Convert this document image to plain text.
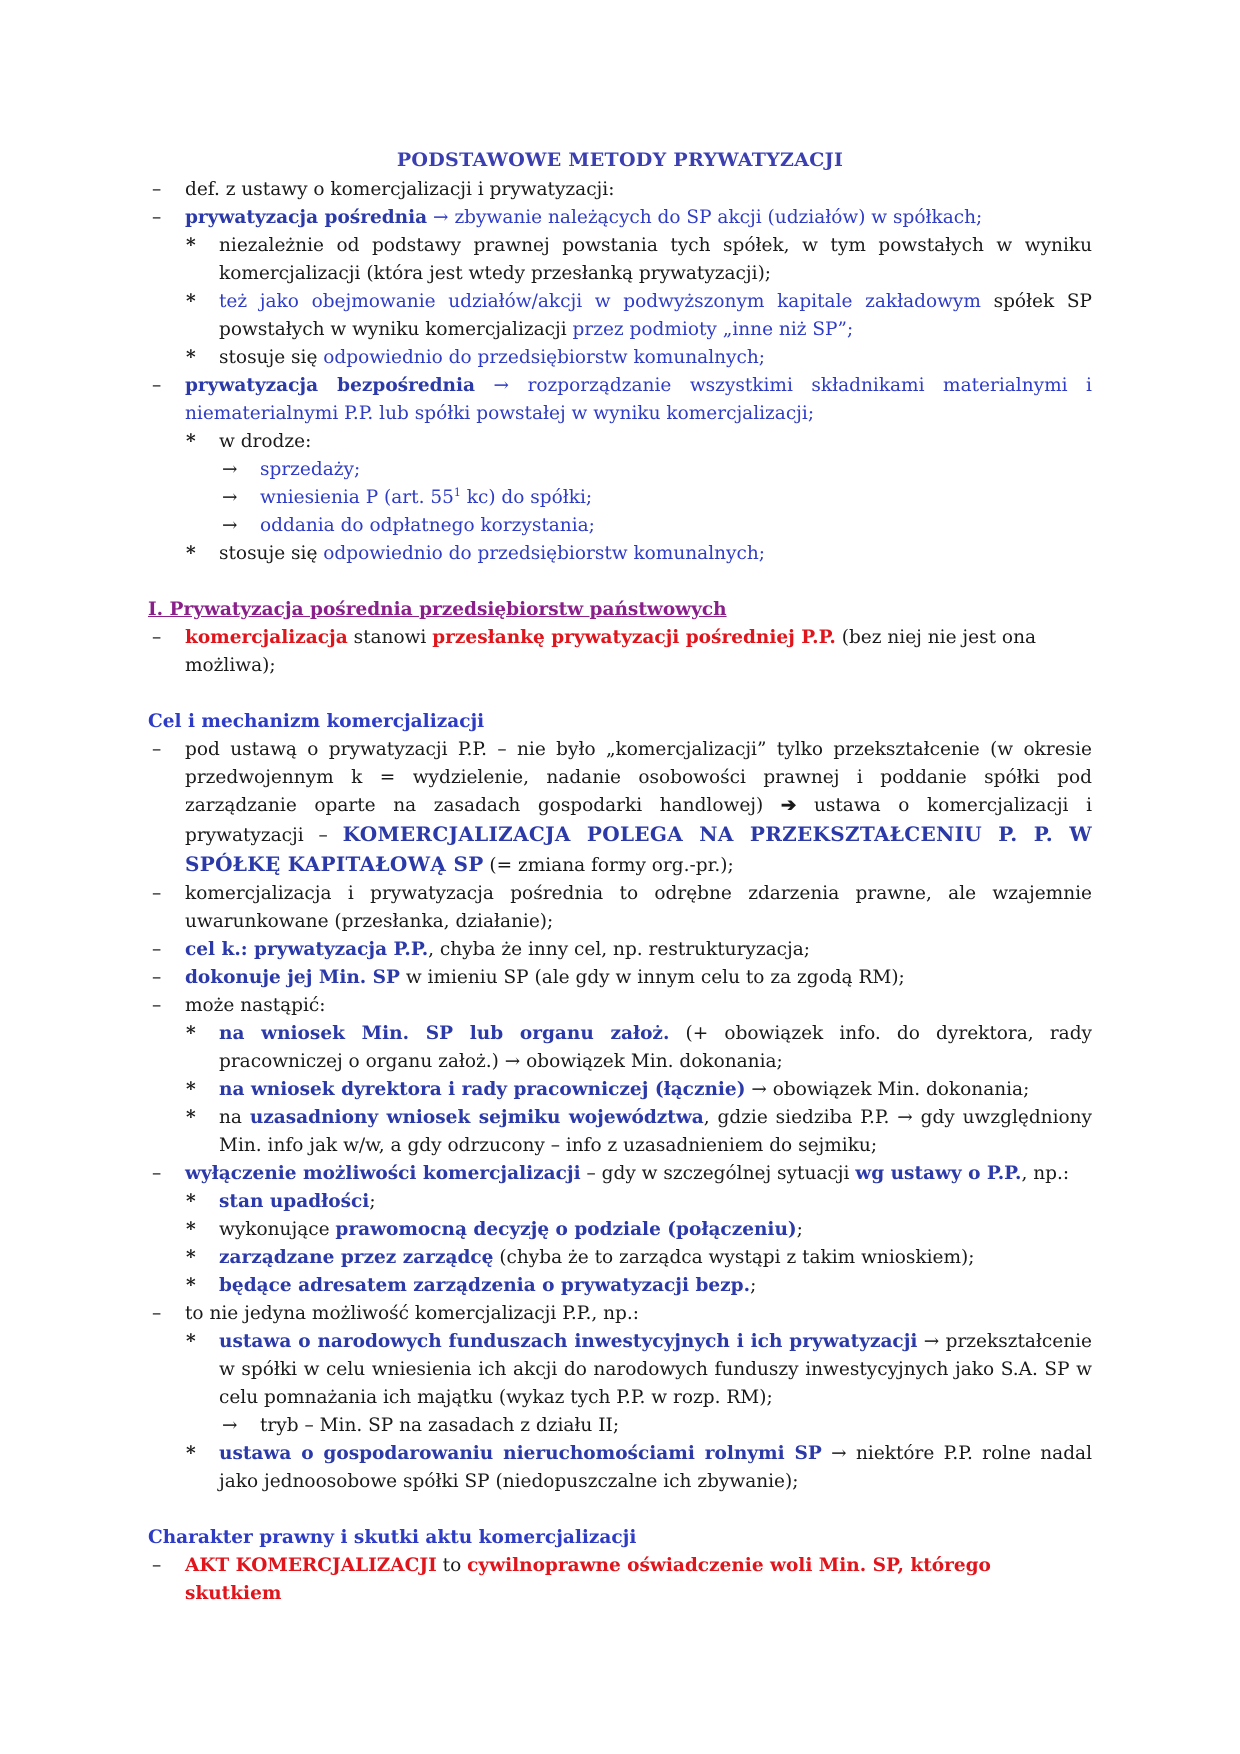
PODSTAWOWE METODY PRYWATYZACJI
– def. z ustawy o komercjalizacji i prywatyzacji:
– prywatyzacja pośrednia → zbywanie należących do SP akcji (udziałów) w spółkach;
* niezależnie od podstawy prawnej powstania tych spółek, w tym powstałych w wyniku komercjalizacji (która jest wtedy przesłanką prywatyzacji);
* też jako obejmowanie udziałów/akcji w podwyższonym kapitale zakładowym spółek SP powstałych w wyniku komercjalizacji przez podmioty „inne niż SP”;
* stosuje się odpowiednio do przedsiębiorstw komunalnych;
– prywatyzacja bezpośrednia → rozporządzanie wszystkimi składnikami materialnymi i niematerialnymi P.P. lub spółki powstałej w wyniku komercjalizacji;
* w drodze:
→ sprzedaży;
→ wniesienia P (art. $55^1$ kc) do spółki;
→ oddania do odpłatnego korzystania;
* stosuje się odpowiednio do przedsiębiorstw komunalnych;
I. Prywatyzacja pośrednia przedsiębiorstw państwowych
– komercjalizacja stanowi przesłankę prywatyzacji pośredniej P.P. (bez niej nie jest ona możliwa);
Cel i mechanizm komercjalizacji
– pod ustawą o prywatyzacji P.P. – nie było „komercjalizacji” tylko przekształcenie (w okresie przedwojennym k = wydzielenie, nadanie osobowości prawnej i poddanie spółki pod zarządzanie oparte na zasadach gospodarki handlowej) ➔ ustawa o komercjalizacji i prywatyzacji – KOMERCJALIZACJA POLEGA NA PRZEKSZTAŁCENIU P. P. W SPÓŁKĘ KAPITAŁOWĄ SP (= zmiana formy org.-pr.);
– komercjalizacja i prywatyzacja pośrednia to odrębne zdarzenia prawne, ale wzajemnie uwarunkowane (przesłanka, działanie);
– cel k.: prywatyzacja P.P., chyba że inny cel, np. restrukturyzacja;
– dokonuje jej Min. SP w imieniu SP (ale gdy w innym celu to za zgodą RM);
– może nastąpić:
* na wniosek Min. SP lub organu założ. (+ obowiązek info. do dyrektora, rady pracowniczej o organu założ.) → obowiązek Min. dokonania;
* na wniosek dyrektora i rady pracowniczej (łącznie) → obowiązek Min. dokonania;
* na uzasadniony wniosek sejmiku województwa, gdzie siedziba P.P. → gdy uwzględniony Min. info jak w/w, a gdy odrzucony – info z uzasadnieniem do sejmiku;
– wyłączenie możliwości komercjalizacji – gdy w szczególnej sytuacji wg ustawy o P.P., np.:
* stan upadłości;
* wykonujące prawomocną decyzję o podziale (połączeniu);
* zarządzane przez zarządcę (chyba że to zarządca wystąpi z takim wnioskiem);
* będące adresatem zarządzenia o prywatyzacji bezp.;
– to nie jedyna możliwość komercjalizacji P.P., np.:
* ustawa o narodowych funduszach inwestycyjnych i ich prywatyzacji → przekształcenie w spółki w celu wniesienia ich akcji do narodowych funduszy inwestycyjnych jako S.A. SP w celu pomnażania ich majątku (wykaz tych P.P. w rozp. RM);
→ tryb – Min. SP na zasadach z działu II;
* ustawa o gospodarowaniu nieruchomościami rolnymi SP → niektóre P.P. rolne nadal jako jednoosobowe spółki SP (niedopuszczalne ich zbywanie);
Charakter prawny i skutki aktu komercjalizacji
– AKT KOMERCJALIZACJI to cywilnoprawne oświadczenie woli Min. SP, którego skutkiem
